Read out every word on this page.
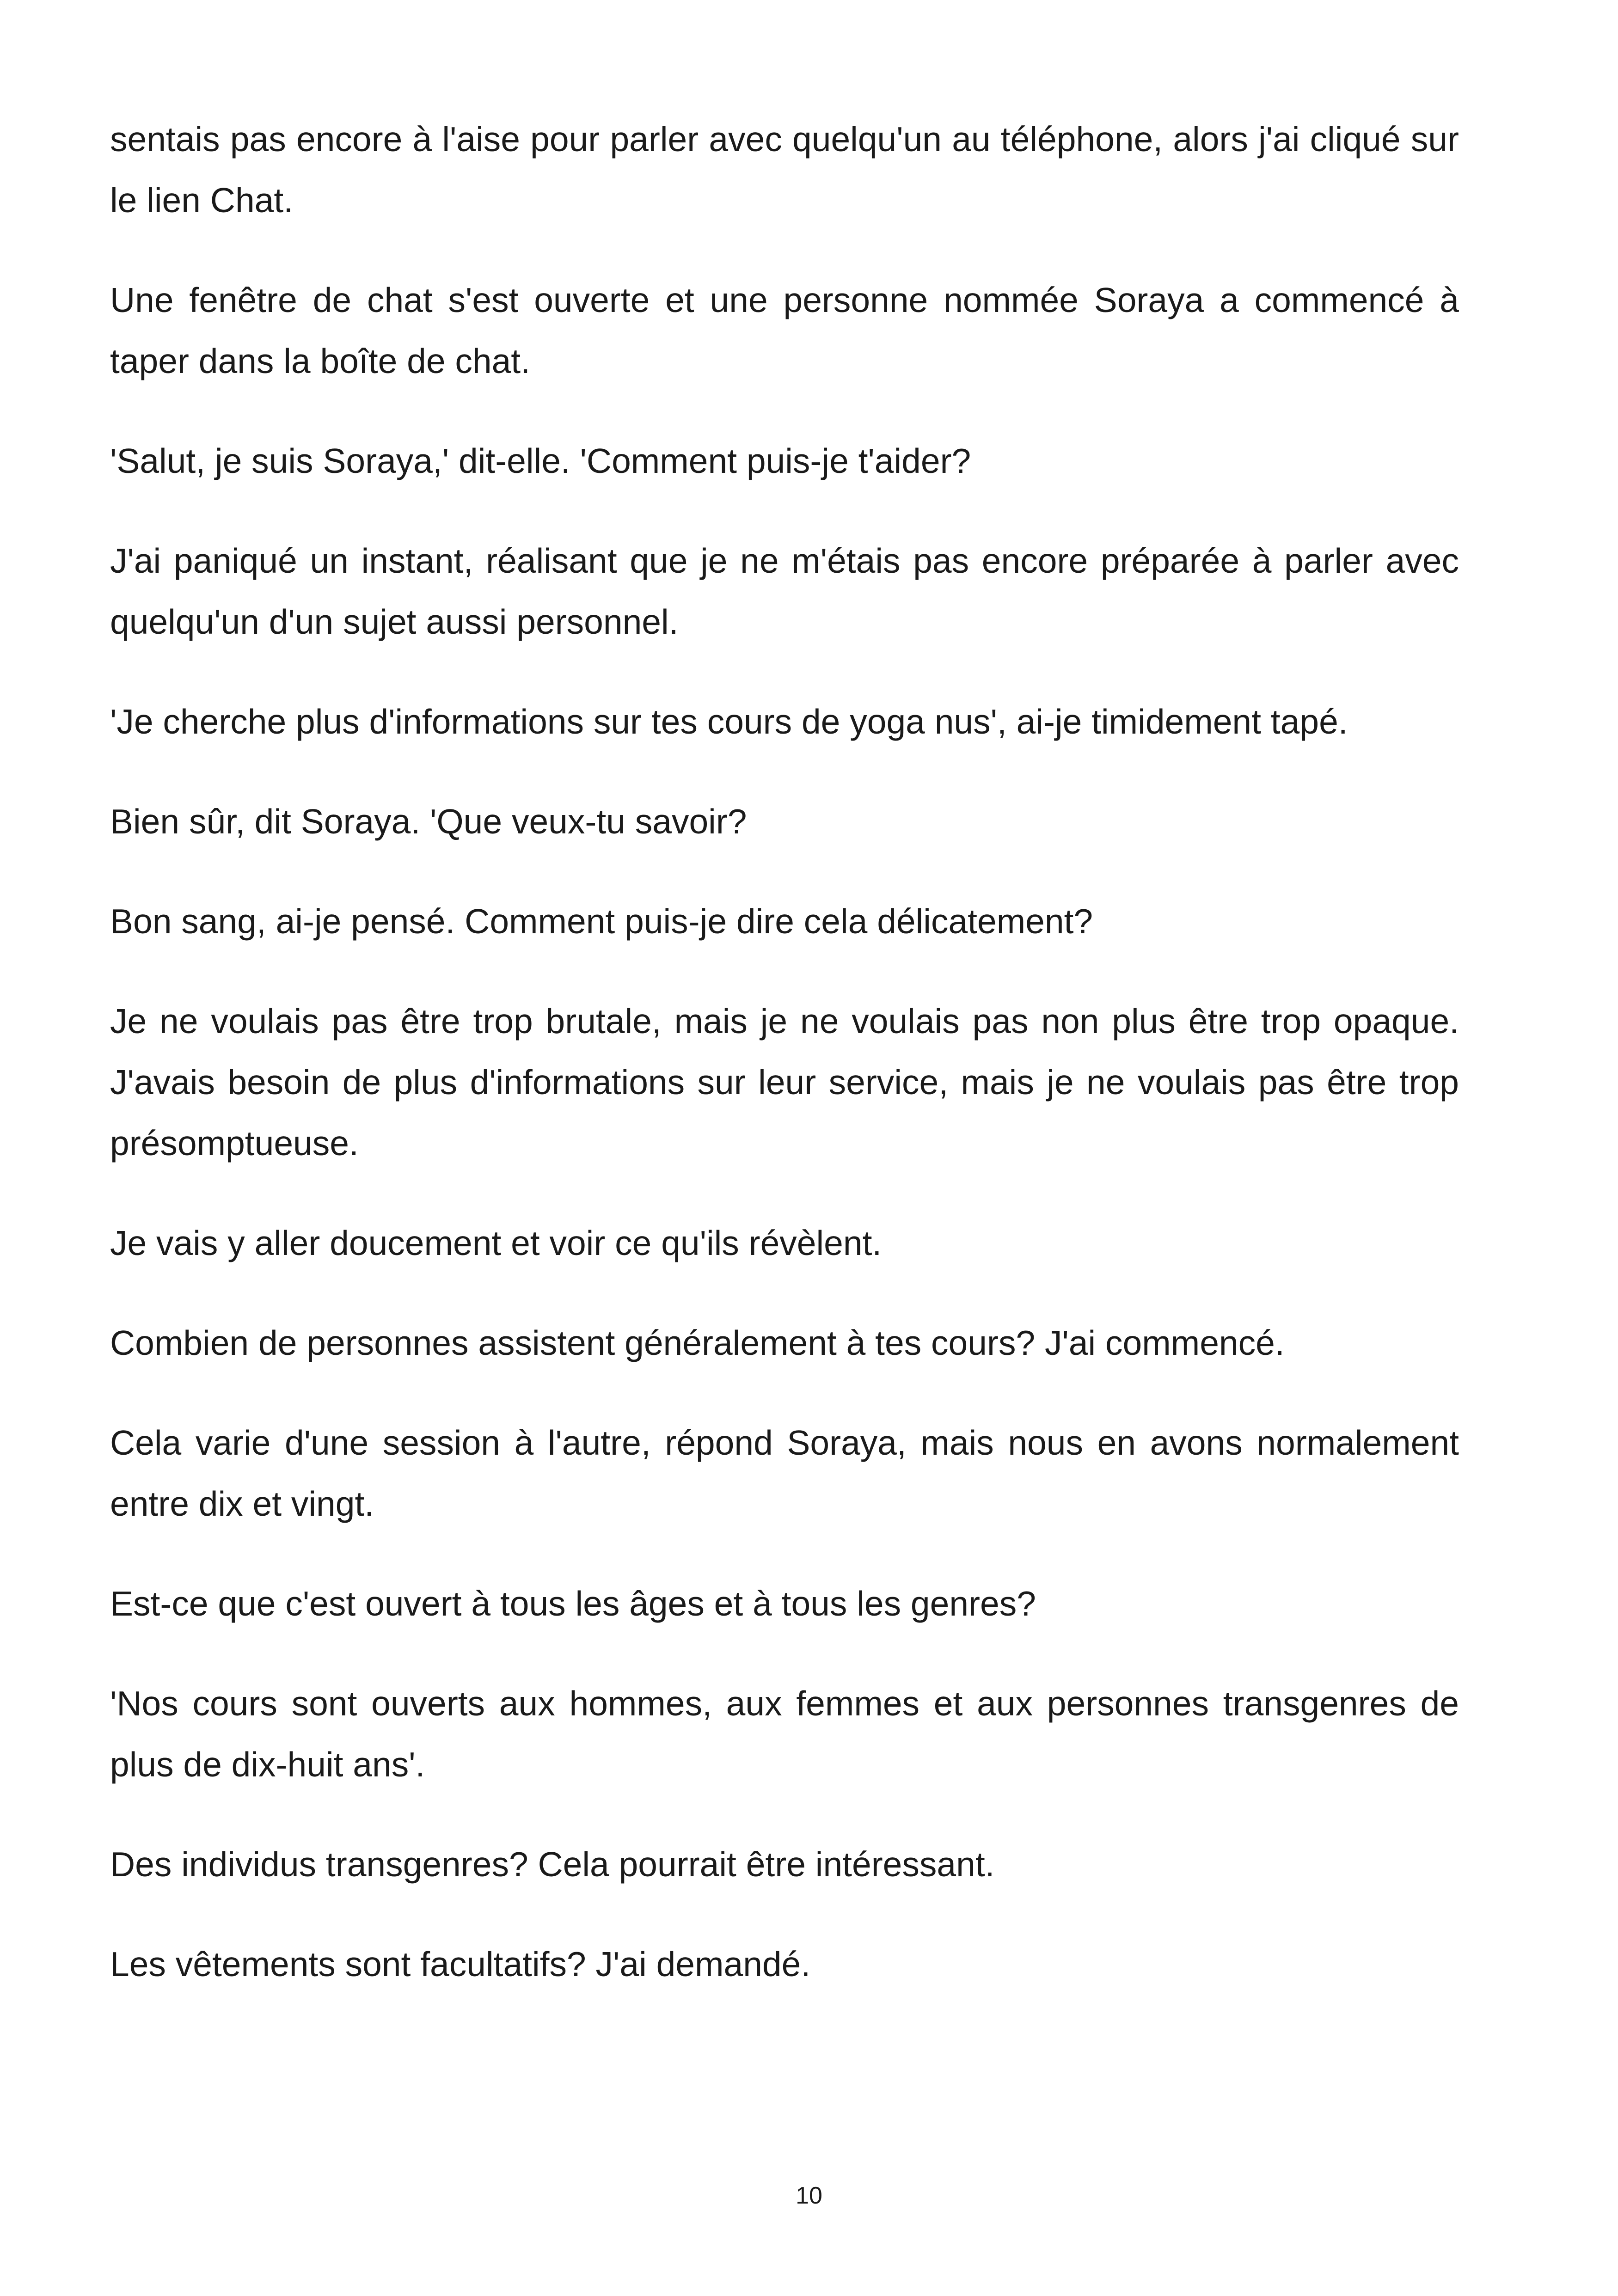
sentais pas encore à l'aise pour parler avec quelqu'un au téléphone, alors j'ai cliqué sur le lien Chat.

Une fenêtre de chat s'est ouverte et une personne nommée Soraya a commencé à taper dans la boîte de chat.

'Salut, je suis Soraya,' dit-elle. 'Comment puis-je t'aider?

J'ai paniqué un instant, réalisant que je ne m'étais pas encore préparée à parler avec quelqu'un d'un sujet aussi personnel.

'Je cherche plus d'informations sur tes cours de yoga nus', ai-je timidement tapé.

Bien sûr, dit Soraya. 'Que veux-tu savoir?

Bon sang, ai-je pensé. Comment puis-je dire cela délicatement?

Je ne voulais pas être trop brutale, mais je ne voulais pas non plus être trop opaque. J'avais besoin de plus d'informations sur leur service, mais je ne voulais pas être trop présomptueuse.

Je vais y aller doucement et voir ce qu'ils révèlent.

Combien de personnes assistent généralement à tes cours? J'ai commencé.

Cela varie d'une session à l'autre, répond Soraya, mais nous en avons normalement entre dix et vingt.

Est-ce que c'est ouvert à tous les âges et à tous les genres?

'Nos cours sont ouverts aux hommes, aux femmes et aux personnes transgenres de plus de dix-huit ans'.

Des individus transgenres? Cela pourrait être intéressant.

Les vêtements sont facultatifs? J'ai demandé.

10
